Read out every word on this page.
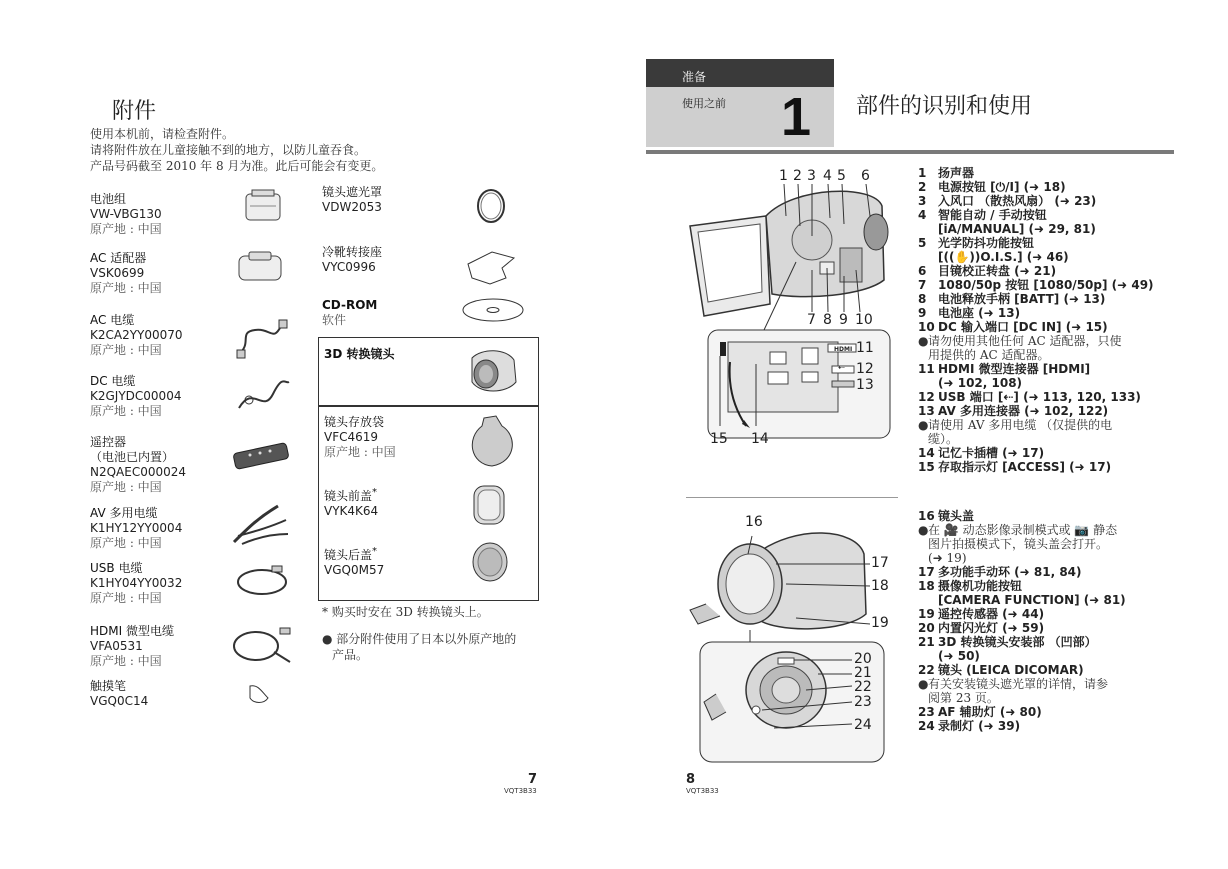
附件
使用本机前，请检查附件。
请将附件放在儿童接触不到的地方，以防儿童吞食。
产品号码截至 2010 年 8 月为准。此后可能会有变更。
电池组
VW-VBG130
原产地 : 中国
AC 适配器
VSK0699
原产地 : 中国
AC 电缆
K2CA2YY00070
原产地 : 中国
DC 电缆
K2GJYDC00004
原产地 : 中国
遥控器
（电池已内置）
N2QAEC000024
原产地 : 中国
AV 多用电缆
K1HY12YY0004
原产地 : 中国
USB 电缆
K1HY04YY0032
原产地 : 中国
HDMI 微型电缆
VFA0531
原产地 : 中国
触摸笔
VGQ0C14
镜头遮光罩
VDW2053
冷靴转接座
VYC0996
CD-ROM
软件
3D 转换镜头
镜头存放袋
VFC4619
原产地 : 中国
镜头前盖*
VYK4K64
镜头后盖*
VGQ0M57
* 购买时安在 3D 转换镜头上。
● 部分附件使用了日本以外原产地的
产品。
7
VQT3B33
准备
使用之前 1 部件的识别和使用
1 2 3 4 5 6
7 8 9 10
11
12
13
15 14
HDMI
⇠
16
17
18
19
20
21
22
23
24
1 扬声器
2 电源按钮 [⏻/I] (➜ 18)
3 入风口 （散热风扇） (➜ 23)
4 智能自动 / 手动按钮
[iA/MANUAL] (➜ 29, 81)
5 光学防抖功能按钮
[((✋))O.I.S.] (➜ 46)
6 目镜校正转盘 (➜ 21)
7 1080/50p 按钮 [1080/50p] (➜ 49)
8 电池释放手柄 [BATT] (➜ 13)
9 电池座 (➜ 13)
10 DC 输入端口 [DC IN] (➜ 15)
●请勿使用其他任何 AC 适配器，只使
用提供的 AC 适配器。
11 HDMI 微型连接器 [HDMI]
(➜ 102, 108)
12 USB 端口 [⇠] (➜ 113, 120, 133)
13 AV 多用连接器 (➜ 102, 122)
●请使用 AV 多用电缆 （仅提供的电
缆）。
14 记忆卡插槽 (➜ 17)
15 存取指示灯 [ACCESS] (➜ 17)
16 镜头盖
●在 🎥 动态影像录制模式或 📷 静态
图片拍摄模式下，镜头盖会打开。
(➜ 19)
17 多功能手动环 (➜ 81, 84)
18 摄像机功能按钮
[CAMERA FUNCTION] (➜ 81)
19 遥控传感器 (➜ 44)
20 内置闪光灯 (➜ 59)
21 3D 转换镜头安装部 （凹部）
(➜ 50)
22 镜头 (LEICA DICOMAR)
●有关安装镜头遮光罩的详情，请参
阅第 23 页。
23 AF 辅助灯 (➜ 80)
24 录制灯 (➜ 39)
8
VQT3B33
